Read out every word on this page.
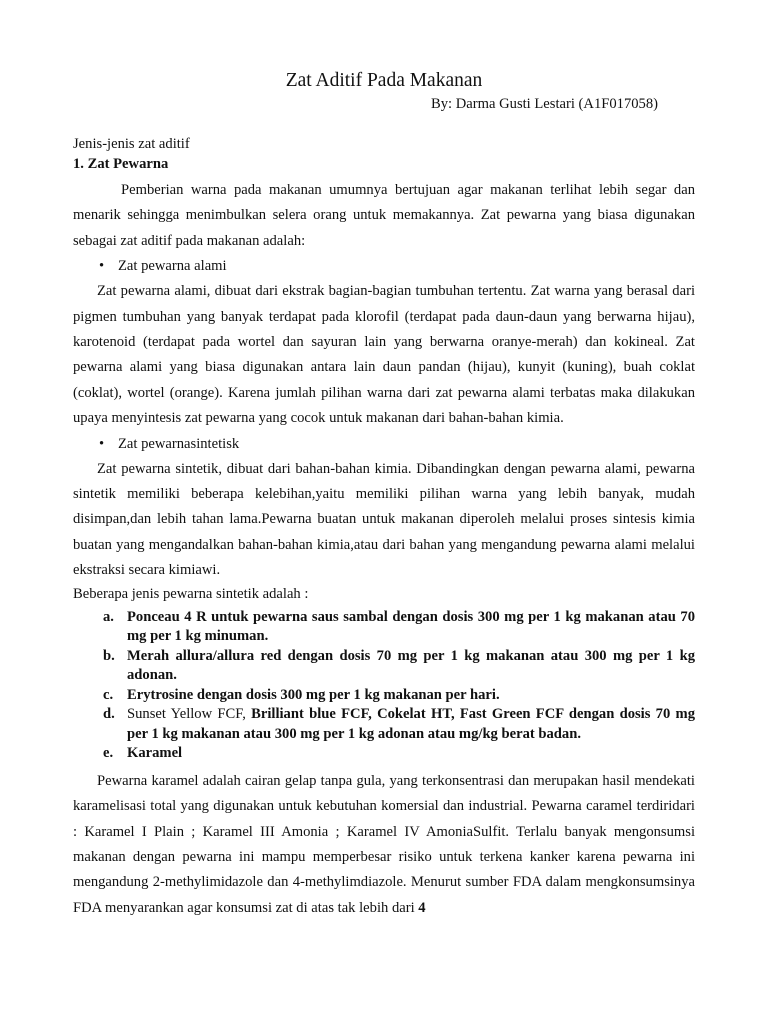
Zat Aditif Pada Makanan

By: Darma Gusti Lestari (A1F017058)

Jenis-jenis zat aditif

1. Zat Pewarna

Pemberian warna pada makanan umumnya bertujuan agar makanan terlihat lebih segar dan menarik sehingga menimbulkan selera orang untuk memakannya. Zat pewarna yang biasa digunakan sebagai zat aditif pada makanan adalah:

• Zat pewarna alami

Zat pewarna alami, dibuat dari ekstrak bagian-bagian tumbuhan tertentu. Zat warna yang berasal dari pigmen tumbuhan yang banyak terdapat pada klorofil (terdapat pada daun-daun yang berwarna hijau), karotenoid (terdapat pada wortel dan sayuran lain yang berwarna oranye-merah) dan kokineal. Zat pewarna alami yang biasa digunakan antara lain daun pandan (hijau), kunyit (kuning), buah coklat (coklat), wortel (orange). Karena jumlah pilihan warna dari zat pewarna alami terbatas maka dilakukan upaya menyintesis zat pewarna yang cocok untuk makanan dari bahan-bahan kimia.

• Zat pewarnasintetisk

Zat pewarna sintetik, dibuat dari bahan-bahan kimia. Dibandingkan dengan pewarna alami, pewarna sintetik memiliki beberapa kelebihan,yaitu memiliki pilihan warna yang lebih banyak, mudah disimpan,dan lebih tahan lama.Pewarna buatan untuk makanan diperoleh melalui proses sintesis kimia buatan yang mengandalkan bahan-bahan kimia,atau dari bahan yang mengandung pewarna alami melalui ekstraksi secara kimiawi.

Beberapa jenis pewarna sintetik adalah :

a. Ponceau 4 R untuk pewarna saus sambal dengan dosis 300 mg per 1 kg makanan atau 70 mg per 1 kg minuman.
b. Merah allura/allura red dengan dosis 70 mg per 1 kg makanan atau 300 mg per 1 kg adonan.
c. Erytrosine dengan dosis 300 mg per 1 kg makanan per hari.
d. Sunset Yellow FCF, Brilliant blue FCF, Cokelat HT, Fast Green FCF dengan dosis 70 mg per 1 kg makanan atau 300 mg per 1 kg adonan atau mg/kg berat badan.
e. Karamel

Pewarna karamel adalah cairan gelap tanpa gula, yang terkonsentrasi dan merupakan hasil mendekati karamelisasi total yang digunakan untuk kebutuhan komersial dan industrial. Pewarna caramel terdiridari : Karamel I Plain ; Karamel III Amonia ; Karamel IV AmoniaSulfit. Terlalu banyak mengonsumsi makanan dengan pewarna ini mampu memperbesar risiko untuk terkena kanker karena pewarna ini mengandung 2-methylimidazole dan 4-methylimdiazole. Menurut sumber FDA dalam mengkonsumsinya FDA menyarankan agar konsumsi zat di atas tak lebih dari 4
